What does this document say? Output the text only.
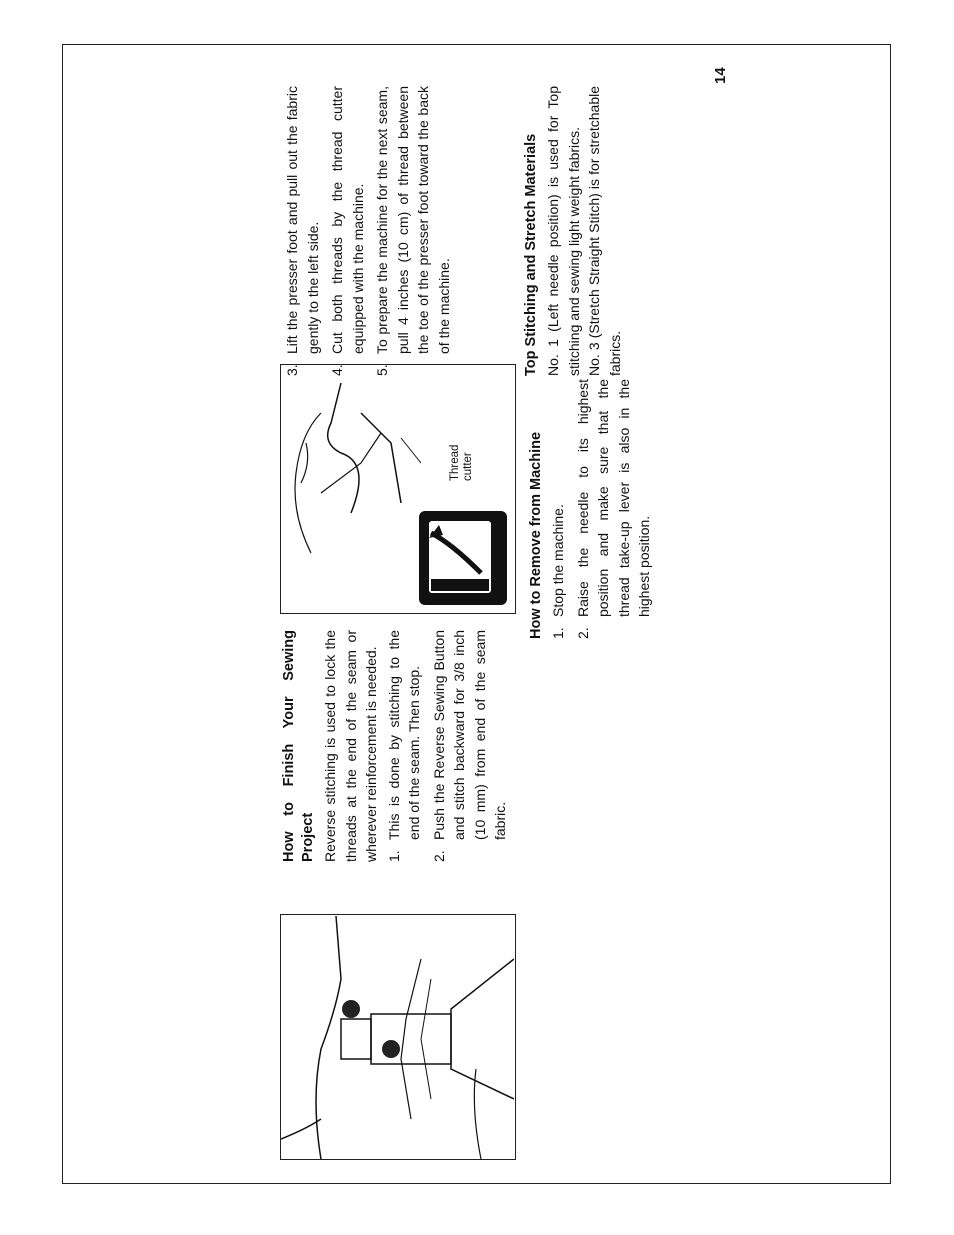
How to Finish Your Sewing Project Reverse stitching is used to lock the threads at the end of the seam or wherever reinforcement is needed. 1.
This is done by stitching to the end of the seam. Then stop.
2.
Push the Reverse Sewing Button and stitch backward for 3/8 inch (10 mm) from end of the seam fabric.
Thread cutter	How to Remove from Machine 1.
Stop the machine.
2.
Raise the needle to its highest position and make sure that the thread take-up lever is also in the highest position.
3.
Lift the presser foot and pull out the fabric gently to the left side.
4.
Cut both threads by the thread cutter equipped with the machine.
5.
To prepare the machine for the next seam, pull 4 inches (10 cm) of thread between the toe of the presser foot toward the back of the machine.	Top Stitching and Stretch Materials No. 1 (Left needle position) is used for Top stitching and sewing light weight fabrics. No. 3 (Stretch Straight Stitch) is for stretchable fabrics.

14
